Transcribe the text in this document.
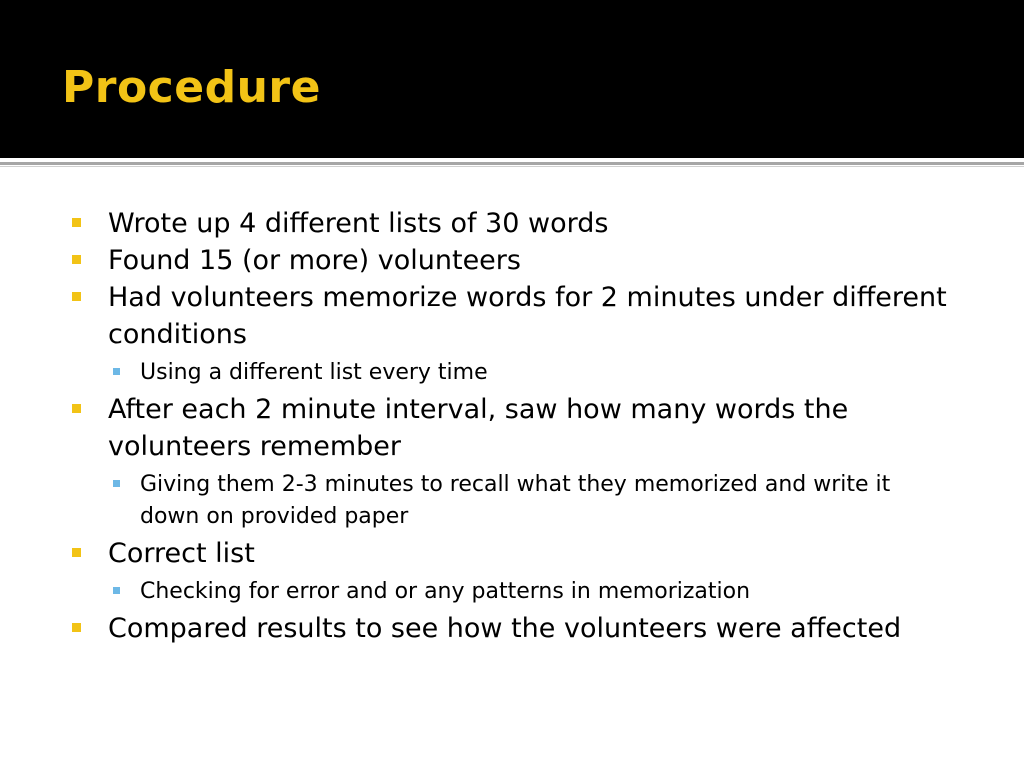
Procedure
Wrote up 4 different lists of 30 words
Found 15 (or more) volunteers
Had volunteers memorize words for 2 minutes under different conditions
Using a different list every time
After each 2 minute interval, saw how many words the volunteers remember
Giving them 2-3 minutes to recall what they memorized and write it down on provided paper
Correct list
Checking for error and or any patterns in memorization
Compared results to see how the volunteers were affected
